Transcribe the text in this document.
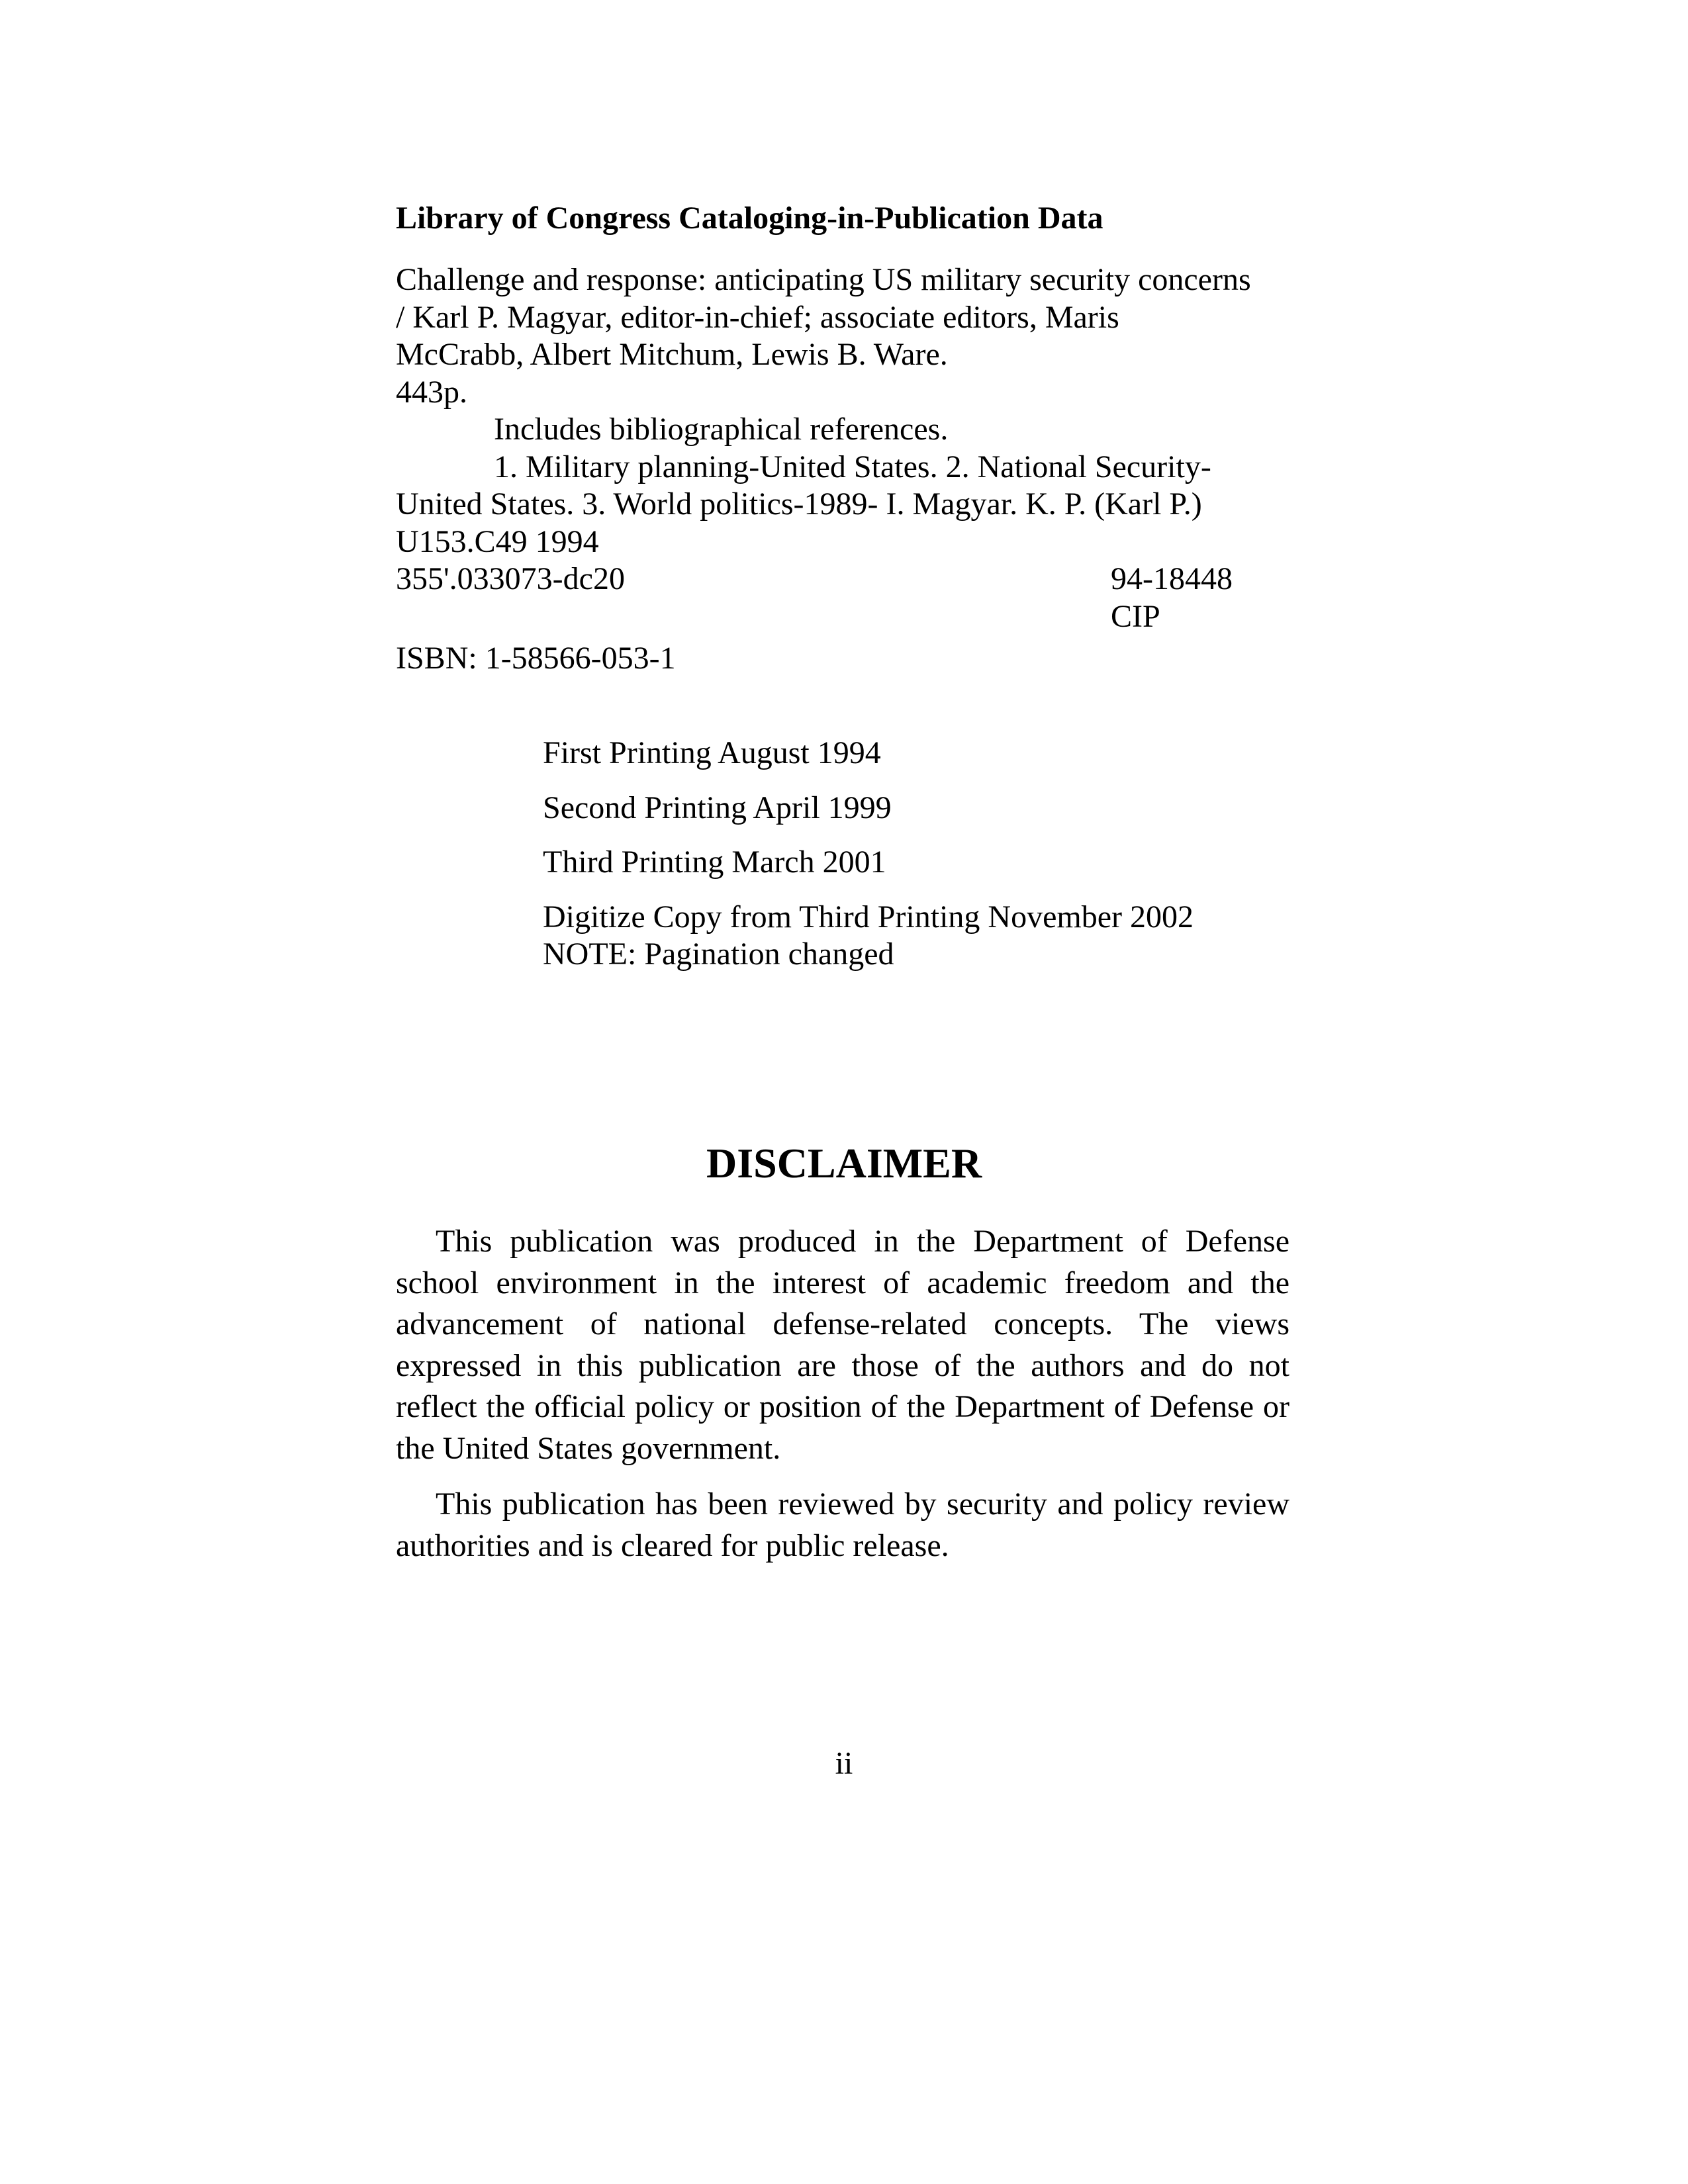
Library of Congress Cataloging-in-Publication Data
Challenge and response: anticipating US military security concerns
/ Karl P. Magyar, editor-in-chief; associate editors, Maris
McCrabb, Albert Mitchum, Lewis B. Ware.
443p.
Includes bibliographical references.
1. Military planning-United States. 2. National Security-
United States. 3. World politics-1989- I. Magyar. K. P. (Karl P.)
U153.C49 1994
355'.033073-dc20	94-18448
CIP
ISBN: 1-58566-053-1
First Printing August 1994
Second Printing April 1999
Third Printing March 2001
Digitize Copy from Third Printing November 2002
NOTE: Pagination changed
DISCLAIMER

This publication was produced in the Department of Defense school environment in the interest of academic freedom and the advancement of national defense-related concepts. The views expressed in this publication are those of the authors and do not reflect the official policy or position of the Department of Defense or the United States government.

This publication has been reviewed by security and policy review authorities and is cleared for public release.

ii
